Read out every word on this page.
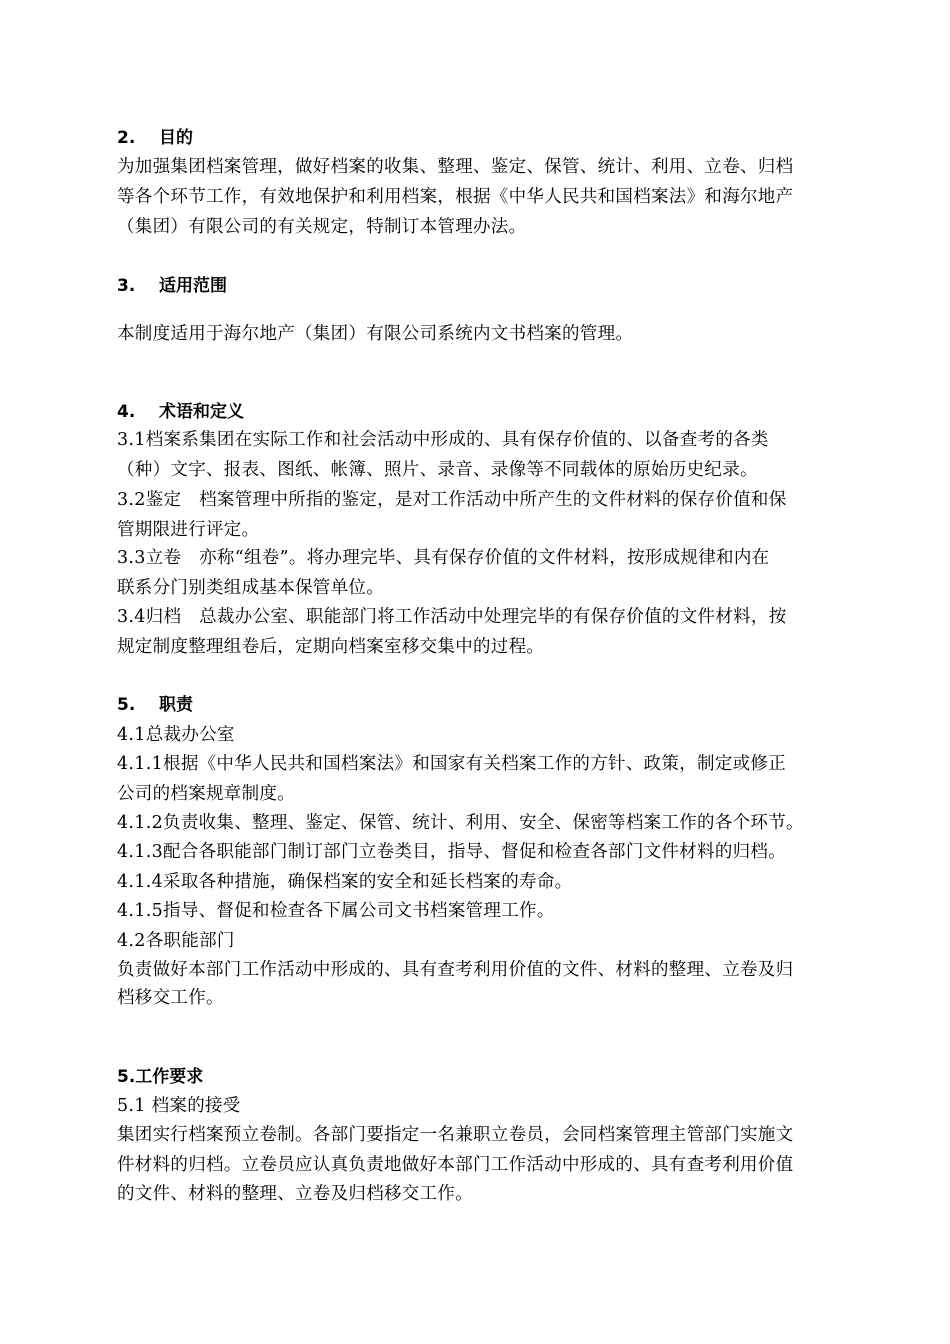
2. 目的
为加强集团档案管理，做好档案的收集、整理、鉴定、保管、统计、利用、立卷、归档
等各个环节工作，有效地保护和利用档案，根据《中华人民共和国档案法》和海尔地产
（集团）有限公司的有关规定，特制订本管理办法。
3. 适用范围
本制度适用于海尔地产（集团）有限公司系统内文书档案的管理。
4. 术语和定义
3.1档案系集团在实际工作和社会活动中形成的、具有保存价值的、以备查考的各类
（种）文字、报表、图纸、帐簿、照片、录音、录像等不同载体的原始历史纪录。
3.2鉴定　档案管理中所指的鉴定，是对工作活动中所产生的文件材料的保存价值和保
管期限进行评定。
3.3立卷　亦称“组卷”。将办理完毕、具有保存价值的文件材料，按形成规律和内在
联系分门别类组成基本保管单位。
3.4归档　总裁办公室、职能部门将工作活动中处理完毕的有保存价值的文件材料，按
规定制度整理组卷后，定期向档案室移交集中的过程。
5. 职责
4.1总裁办公室
4.1.1根据《中华人民共和国档案法》和国家有关档案工作的方针、政策，制定或修正
公司的档案规章制度。
4.1.2负责收集、整理、鉴定、保管、统计、利用、安全、保密等档案工作的各个环节。
4.1.3配合各职能部门制订部门立卷类目，指导、督促和检查各部门文件材料的归档。
4.1.4采取各种措施，确保档案的安全和延长档案的寿命。
4.1.5指导、督促和检查各下属公司文书档案管理工作。
4.2各职能部门
负责做好本部门工作活动中形成的、具有查考利用价值的文件、材料的整理、立卷及归
档移交工作。
5.工作要求
5.1 档案的接受
集团实行档案预立卷制。各部门要指定一名兼职立卷员，会同档案管理主管部门实施文
件材料的归档。立卷员应认真负责地做好本部门工作活动中形成的、具有查考利用价值
的文件、材料的整理、立卷及归档移交工作。
